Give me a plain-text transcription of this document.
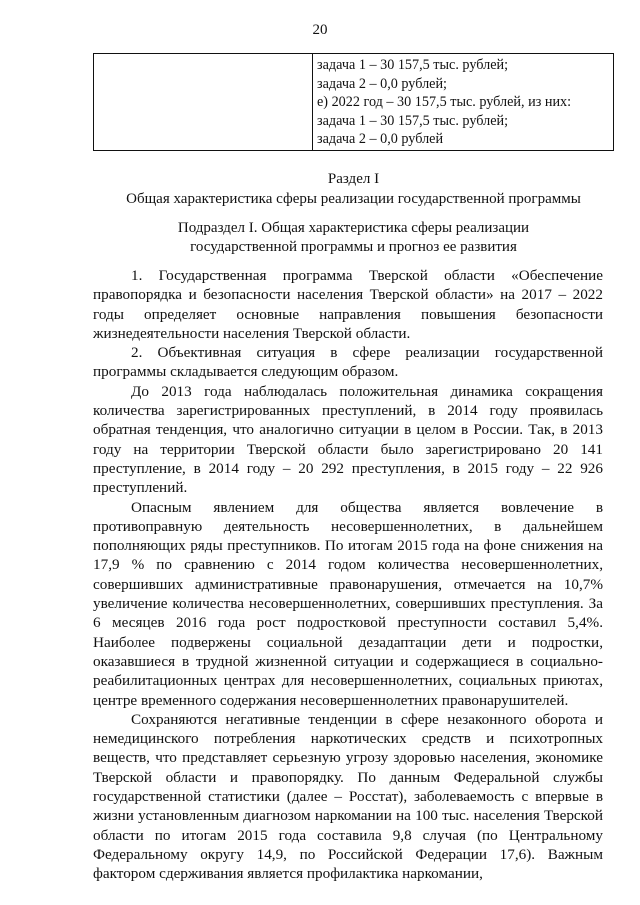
20

задача 1 – 30 157,5 тыс. рублей;
задача 2 – 0,0 рублей;
е) 2022 год – 30 157,5 тыс. рублей, из них:
задача 1 – 30 157,5 тыс. рублей;
задача 2 – 0,0 рублей
Раздел I
Общая характеристика сферы реализации государственной программы
Подраздел I. Общая характеристика сферы реализации
государственной программы и прогноз ее развития

1. Государственная программа Тверской области «Обеспечение правопорядка и безопасности населения Тверской области» на 2017 – 2022 годы определяет основные направления повышения безопасности жизнедеятельности населения Тверской области.

2. Объективная ситуация в сфере реализации государственной программы складывается следующим образом.

До 2013 года наблюдалась положительная динамика сокращения количества зарегистрированных преступлений, в 2014 году проявилась обратная тенденция, что аналогично ситуации в целом в России. Так, в 2013 году на территории Тверской области было зарегистрировано 20 141 преступление, в 2014 году – 20 292 преступления, в 2015 году – 22 926 преступлений.

Опасным явлением для общества является вовлечение в противоправную деятельность несовершеннолетних, в дальнейшем пополняющих ряды преступников. По итогам 2015 года на фоне снижения на 17,9 % по сравнению с 2014 годом количества несовершеннолетних, совершивших административные правонарушения, отмечается на 10,7% увеличение количества несовершеннолетних, совершивших преступления. За 6 месяцев 2016 года рост подростковой преступности составил 5,4%. Наиболее подвержены социальной дезадаптации дети и подростки, оказавшиеся в трудной жизненной ситуации и содержащиеся в социально-реабилитационных центрах для несовершеннолетних, социальных приютах, центре временного содержания несовершеннолетних правонарушителей.

Сохраняются негативные тенденции в сфере незаконного оборота и немедицинского потребления наркотических средств и психотропных веществ, что представляет серьезную угрозу здоровью населения, экономике Тверской области и правопорядку. По данным Федеральной службы государственной статистики (далее – Росстат), заболеваемость с впервые в жизни установленным диагнозом наркомании на 100 тыс. населения Тверской области по итогам 2015 года составила 9,8 случая (по Центральному Федеральному округу 14,9, по Российской Федерации 17,6). Важным фактором сдерживания является профилактика наркомании,
